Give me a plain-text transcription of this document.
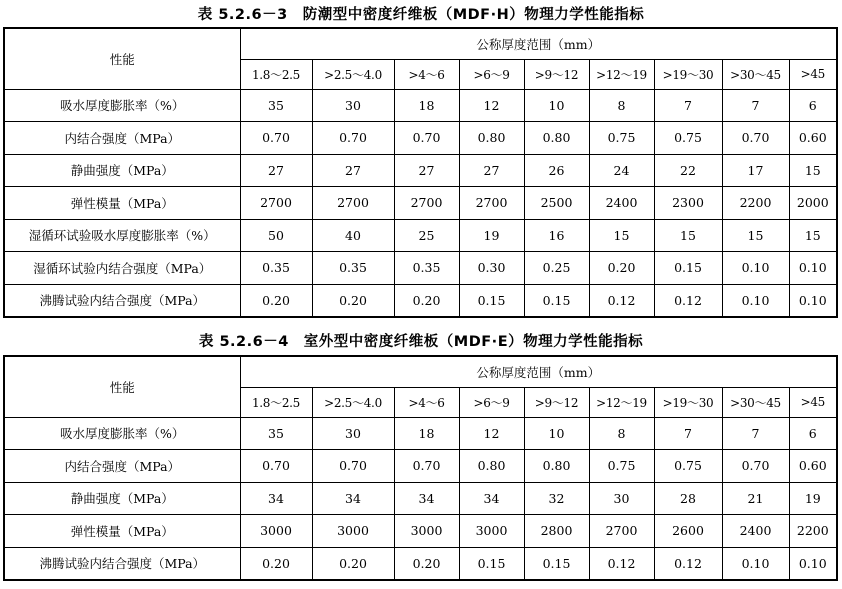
表 5.2.6－3　防潮型中密度纤维板（MDF·H）物理力学性能指标
性能	公称厚度范围（mm）								
	1.8～2.5	>2.5～4.0	>4～6	>6～9	>9～12	>12～19	>19～30	>30～45	>45
吸水厚度膨胀率（%）	35	30	18	12	10	8	7	7	6
内结合强度（MPa）	0.70	0.70	0.70	0.80	0.80	0.75	0.75	0.70	0.60
静曲强度（MPa）	27	27	27	27	26	24	22	17	15
弹性模量（MPa）	2700	2700	2700	2700	2500	2400	2300	2200	2000
湿循环试验吸水厚度膨胀率（%）	50	40	25	19	16	15	15	15	15
湿循环试验内结合强度（MPa）	0.35	0.35	0.35	0.30	0.25	0.20	0.15	0.10	0.10
沸腾试验内结合强度（MPa）	0.20	0.20	0.20	0.15	0.15	0.12	0.12	0.10	0.10
表 5.2.6－4　室外型中密度纤维板（MDF·E）物理力学性能指标
性能	公称厚度范围（mm）								
	1.8～2.5	>2.5～4.0	>4～6	>6～9	>9～12	>12～19	>19～30	>30～45	>45
吸水厚度膨胀率（%）	35	30	18	12	10	8	7	7	6
内结合强度（MPa）	0.70	0.70	0.70	0.80	0.80	0.75	0.75	0.70	0.60
静曲强度（MPa）	34	34	34	34	32	30	28	21	19
弹性模量（MPa）	3000	3000	3000	3000	2800	2700	2600	2400	2200
沸腾试验内结合强度（MPa）	0.20	0.20	0.20	0.15	0.15	0.12	0.12	0.10	0.10
